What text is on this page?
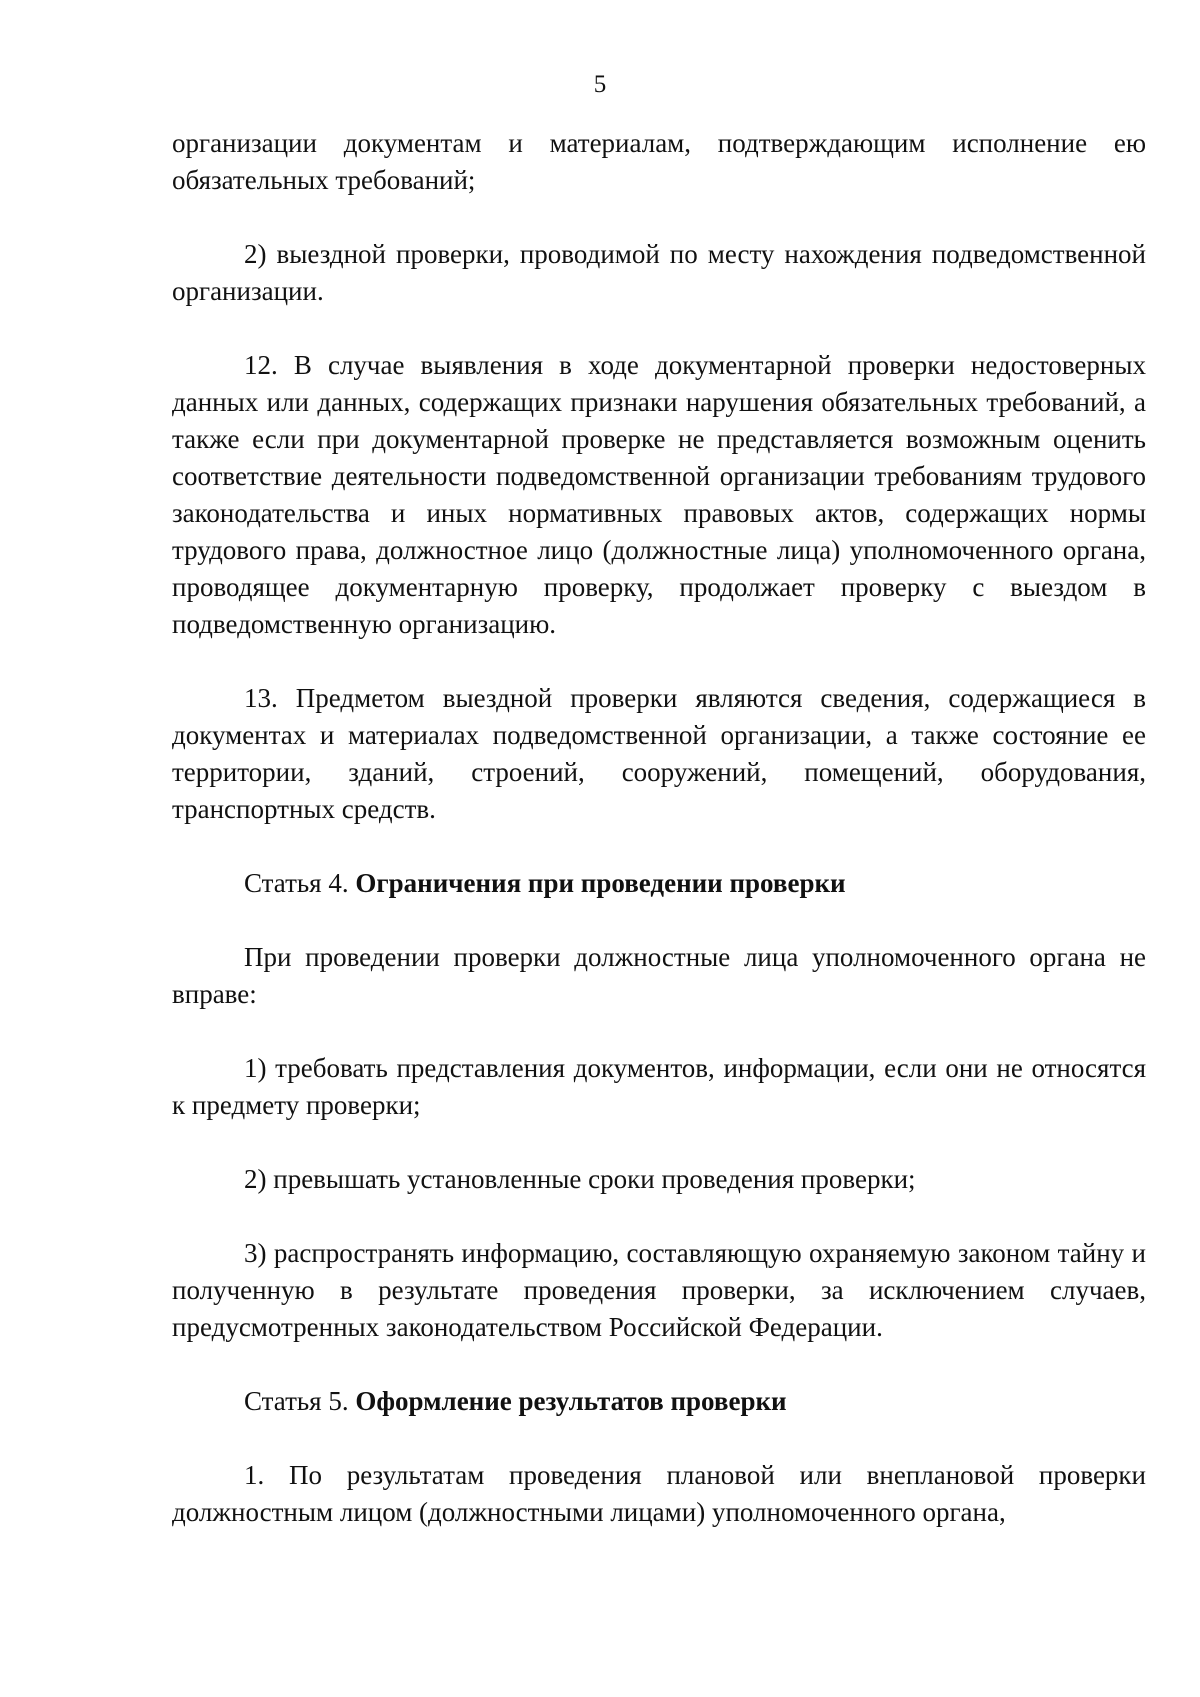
5

организации документам и материалам, подтверждающим исполнение ею обязательных требований;

2) выездной проверки, проводимой по месту нахождения подведомственной организации.

12. В случае выявления в ходе документарной проверки недостоверных данных или данных, содержащих признаки нарушения обязательных требований, а также если при документарной проверке не представляется возможным оценить соответствие деятельности подведомственной организации требованиям трудового законодательства и иных нормативных правовых актов, содержащих нормы трудового права, должностное лицо (должностные лица) уполномоченного органа, проводящее документарную проверку, продолжает проверку с выездом в подведомственную организацию.

13. Предметом выездной проверки являются сведения, содержащиеся в документах и материалах подведомственной организации, а также состояние ее территории, зданий, строений, сооружений, помещений, оборудования, транспортных средств.

Статья 4. Ограничения при проведении проверки

При проведении проверки должностные лица уполномоченного органа не вправе:

1) требовать представления документов, информации, если они не относятся к предмету проверки;

2) превышать установленные сроки проведения проверки;

3) распространять информацию, составляющую охраняемую законом тайну и полученную в результате проведения проверки, за исключением случаев, предусмотренных законодательством Российской Федерации.

Статья 5. Оформление результатов проверки

1. По результатам проведения плановой или внеплановой проверки должностным лицом (должностными лицами) уполномоченного органа,
